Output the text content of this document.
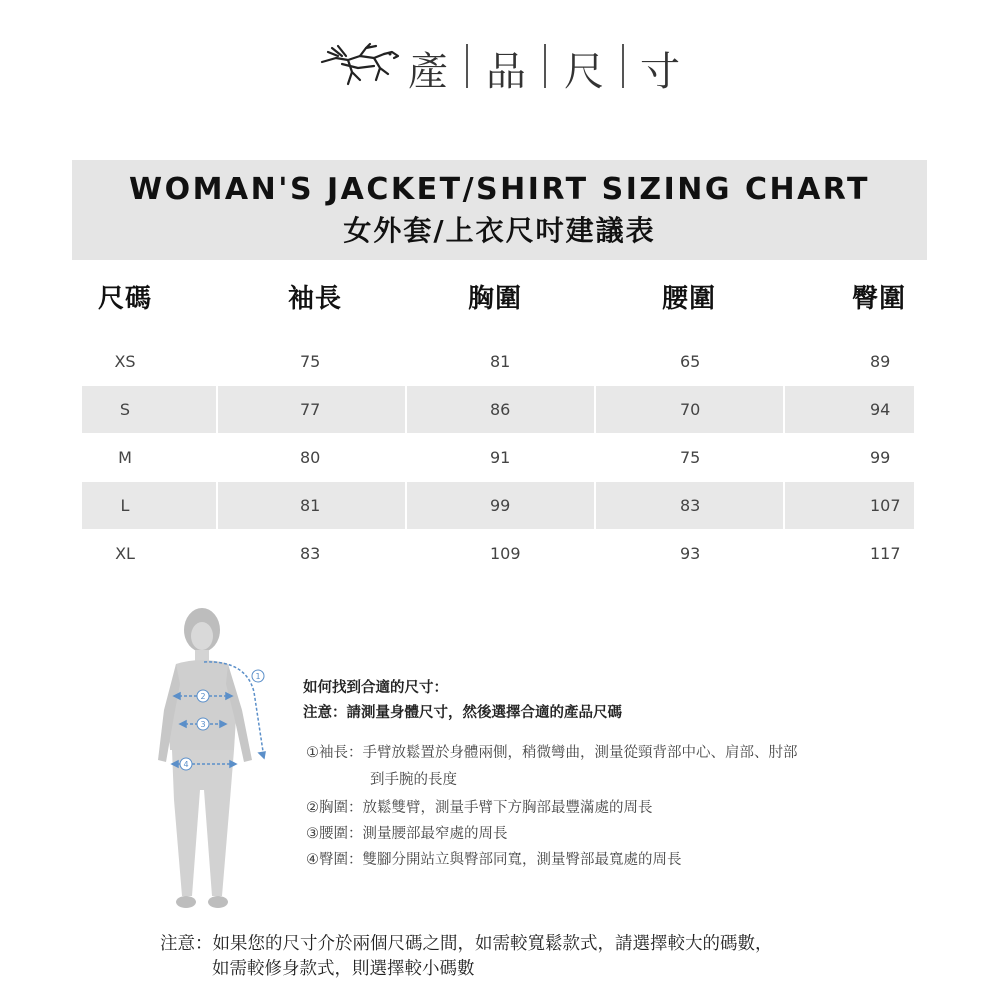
產 品 尺 寸
WOMAN'S JACKET/SHIRT SIZING CHART
女外套/上衣尺吋建議表
尺碼	袖長	胸圍	腰圍	臀圍
XS	75	81	65	89
S	77	86	70	94
M	80	91	75	99
L	81	99	83	107
XL	83	109	93	117
1
2
3
4
如何找到合適的尺寸：
注意：請測量身體尺寸，然後選擇合適的產品尺碼
①袖長：手臂放鬆置於身體兩側，稍微彎曲，測量從頸背部中心、肩部、肘部
到手腕的長度
②胸圍：放鬆雙臂，測量手臂下方胸部最豐滿處的周長
③腰圍：測量腰部最窄處的周長
④臀圍：雙腳分開站立與臀部同寬，測量臀部最寬處的周長
注意：如果您的尺寸介於兩個尺碼之間，如需較寬鬆款式，請選擇較大的碼數，
如需較修身款式，則選擇較小碼數
